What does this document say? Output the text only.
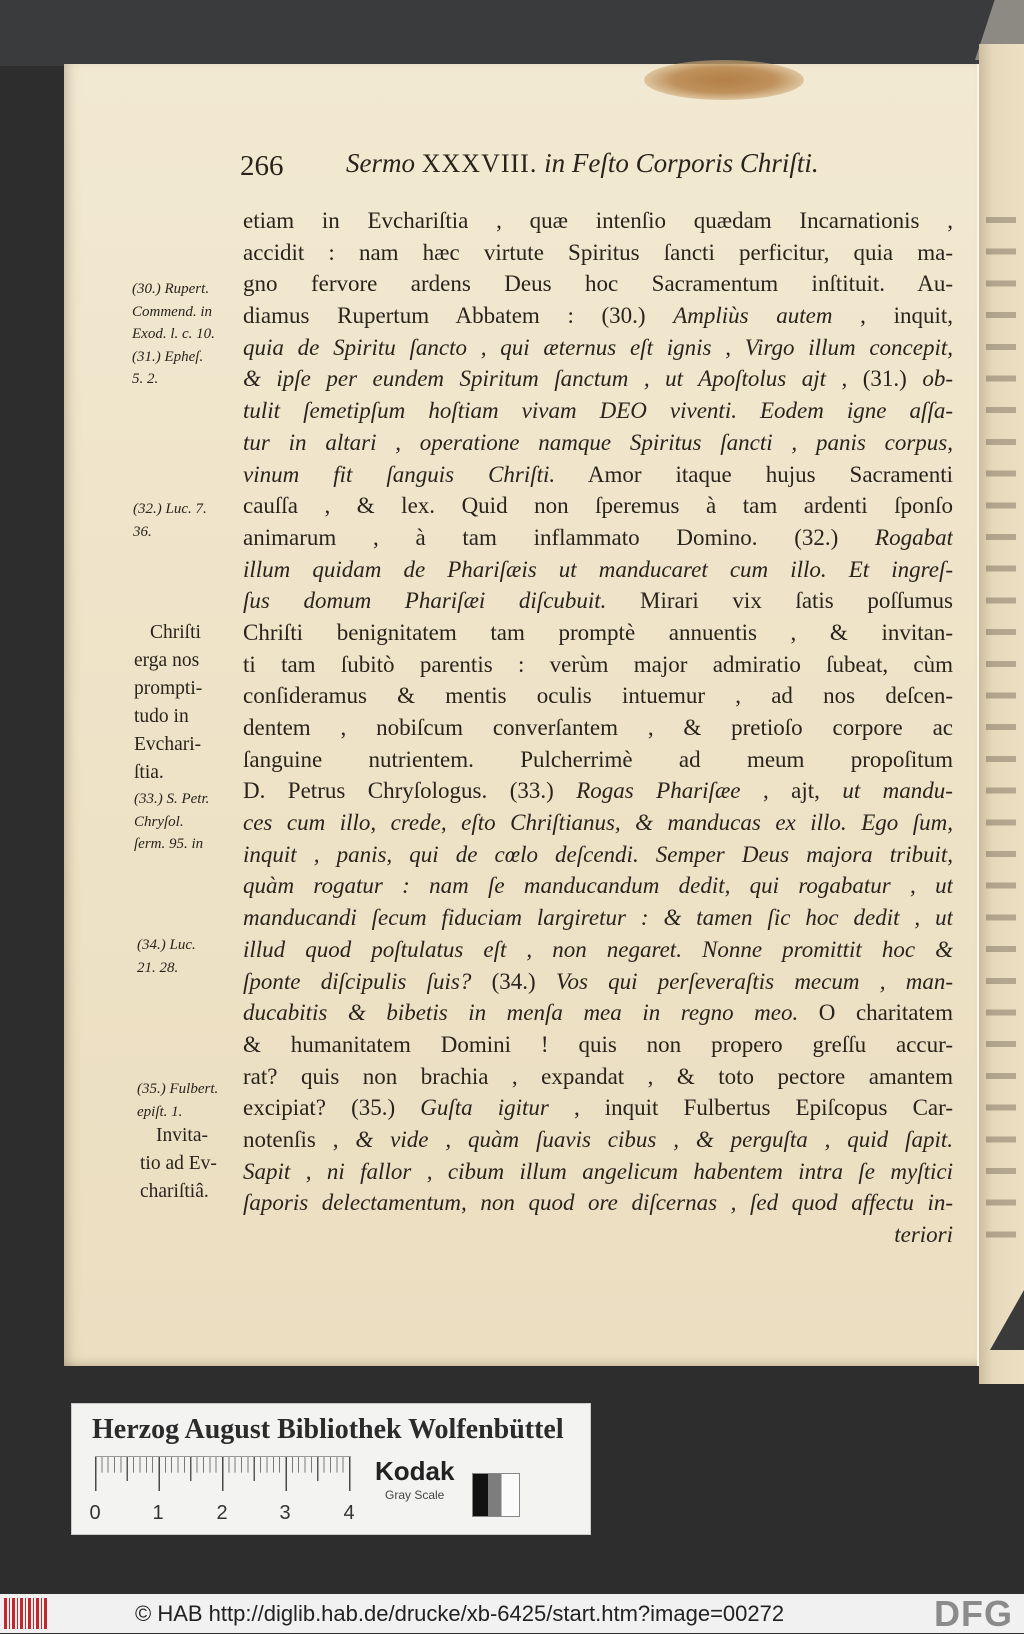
266 Sermo XXXVIII. in Feſto Corporis Chriſti.
etiam in Evchariſtia , quæ intenſio quædam Incarnationis ,
accidit : nam hæc virtute Spiritus ſancti perficitur, quia ma-
gno fervore ardens Deus hoc Sacramentum inſtituit. Au-
diamus Rupertum Abbatem : (30.) Ampliùs autem , inquit,
quia de Spiritu ſancto , qui æternus eſt ignis , Virgo illum concepit,
& ipſe per eundem Spiritum ſanctum , ut Apoſtolus ajt , (31.) ob-
tulit ſemetipſum hoſtiam vivam DEO viventi. Eodem igne aſſa-
tur in altari , operatione namque Spiritus ſancti , panis corpus,
vinum fit ſanguis Chriſti. Amor itaque hujus Sacramenti
cauſſa , & lex. Quid non ſperemus à tam ardenti ſponſo
animarum , à tam inflammato Domino. (32.) Rogabat
illum quidam de Phariſæis ut manducaret cum illo. Et ingreſ-
ſus domum Phariſæi diſcubuit. Mirari vix ſatis poſſumus
Chriſti benignitatem tam promptè annuentis , & invitan-
ti tam ſubitò parentis : verùm major admiratio ſubeat, cùm
conſideramus & mentis oculis intuemur , ad nos deſcen-
dentem , nobiſcum converſantem , & pretioſo corpore ac
ſanguine nutrientem. Pulcherrimè ad meum propoſitum
D. Petrus Chryſologus. (33.) Rogas Phariſæe , ajt, ut mandu-
ces cum illo, crede, eſto Chriſtianus, & manducas ex illo. Ego ſum,
inquit , panis, qui de cœlo deſcendi. Semper Deus majora tribuit,
quàm rogatur : nam ſe manducandum dedit, qui rogabatur , ut
manducandi ſecum fiduciam largiretur : & tamen ſic hoc dedit , ut
illud quod poſtulatus eſt , non negaret. Nonne promittit hoc &
ſponte diſcipulis ſuis? (34.) Vos qui perſeveraſtis mecum , man-
ducabitis & bibetis in menſa mea in regno meo. O charitatem
& humanitatem Domini ! quis non propero greſſu accur-
rat? quis non brachia , expandat , & toto pectore amantem
excipiat? (35.) Guſta igitur , inquit Fulbertus Epiſcopus Car-
notenſis , & vide , quàm ſuavis cibus , & perguſta , quid ſapit.
Sapit , ni fallor , cibum illum angelicum habentem intra ſe myſtici
ſaporis delectamentum, non quod ore diſcernas , ſed quod affectu in-
teriori
(30.) Rupert.
Commend. in
Exod. l. c. 10.
(31.) Epheſ.
5. 2.
(32.) Luc. 7.
36.
(33.) S. Petr.
Chryſol.
ſerm. 95. in
(34.) Luc.
21. 28.
(35.) Fulbert.
epiſt. 1.
Chriſti
erga nos
prompti-
tudo in
Evchari-
ſtia.
Invita-
tio ad Ev-
chariſtiâ.
Herzog August Bibliothek Wolfenbüttel
0	1	2	3	4
Kodak
Gray Scale
© HAB http://diglib.hab.de/drucke/xb-6425/start.htm?image=00272	DFG
